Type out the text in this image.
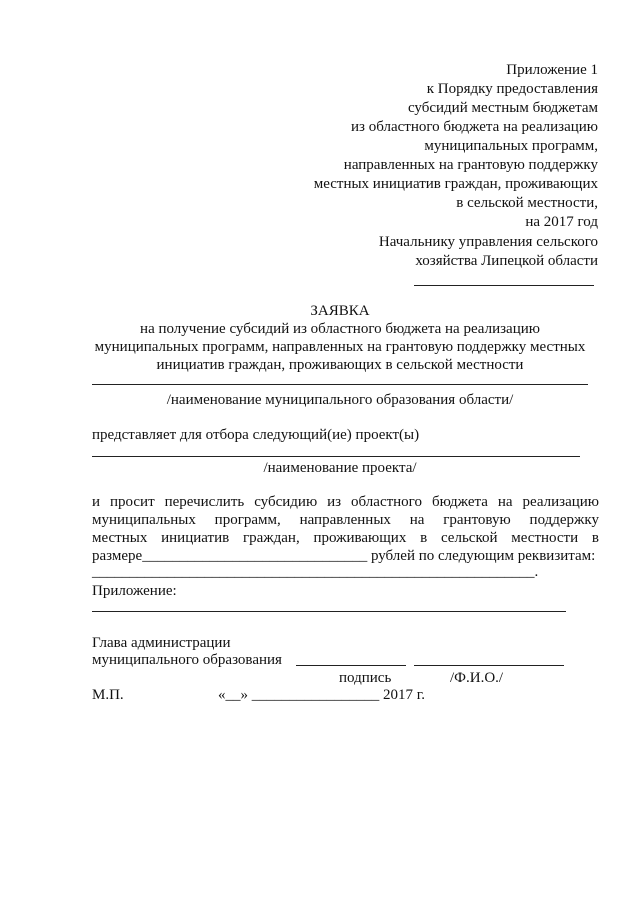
Приложение 1
к Порядку предоставления
субсидий местным бюджетам
из областного бюджета на реализацию
муниципальных программ,
направленных на грантовую поддержку
местных инициатив граждан, проживающих
в сельской местности,
на 2017 год
Начальнику управления сельского
хозяйства Липецкой области
ЗАЯВКА
на получение субсидий из областного бюджета на реализацию
муниципальных программ, направленных на грантовую поддержку местных
инициатив граждан, проживающих в сельской местности
/наименование муниципального образования области/
представляет для отбора следующий(ие) проект(ы)
/наименование проекта/
и просит перечислить субсидию из областного бюджета на реализацию
муниципальных программ, направленных на грантовую поддержку
местных инициатив граждан, проживающих в сельской местности в
размере______________________________ рублей по следующим реквизитам:
___________________________________________________________.
Приложение:
Глава администрации
муниципального образования
подпись	/Ф.И.О./
М.П.	«__» _________________ 2017 г.
